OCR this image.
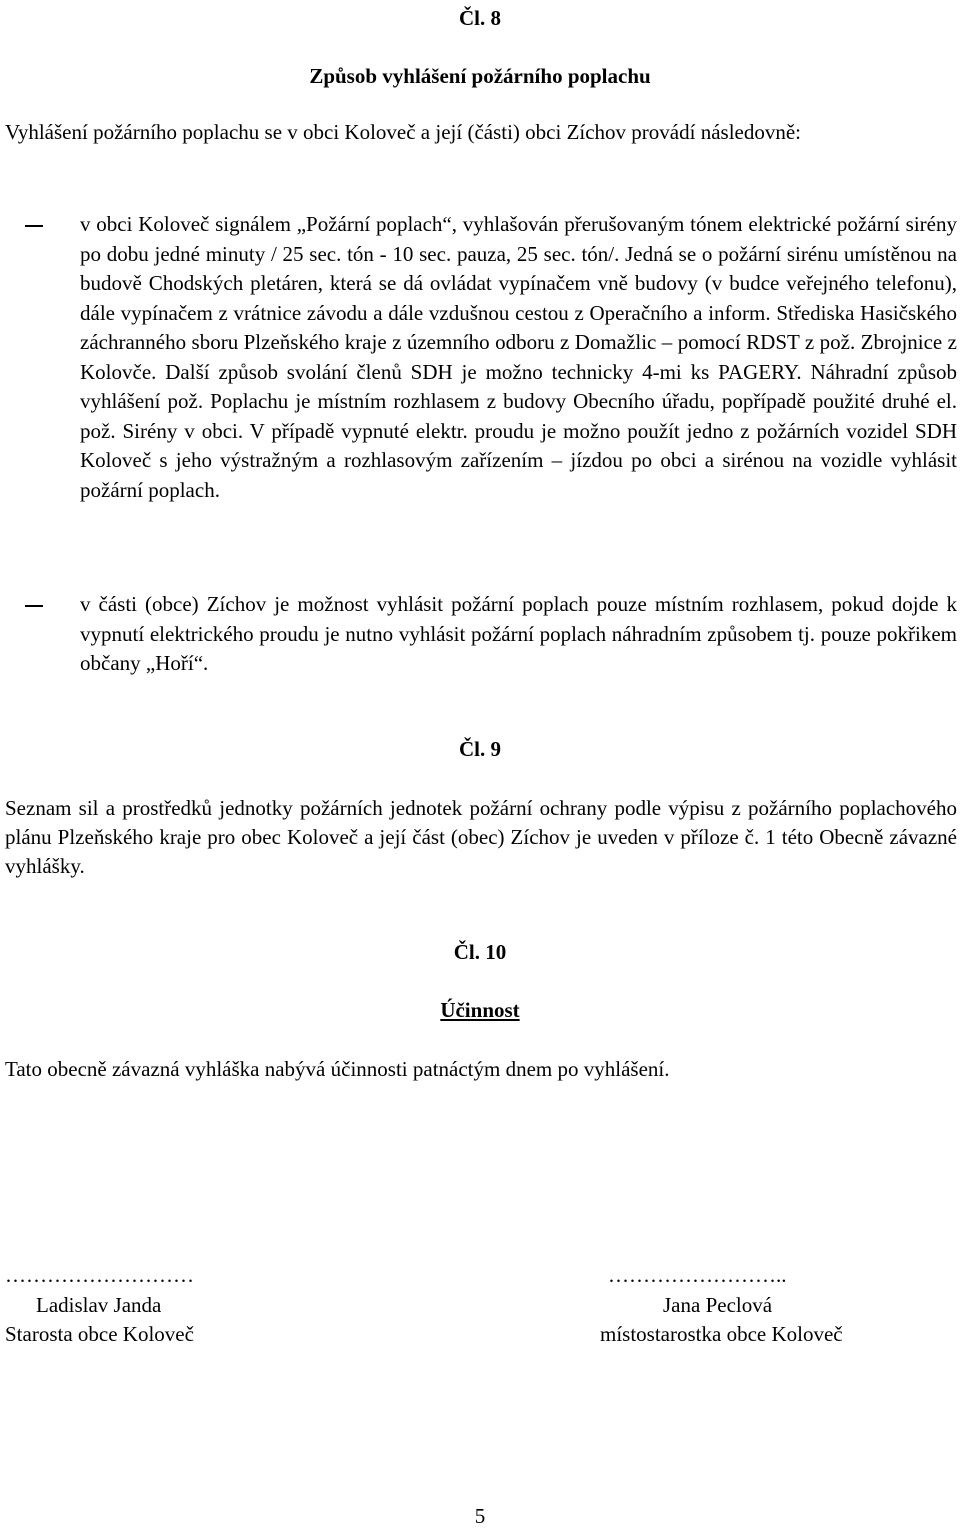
Čl. 8
Způsob vyhlášení požárního poplachu
Vyhlášení požárního poplachu se v obci Koloveč a její (části) obci Zíchov provádí následovně:
v obci Koloveč signálem „Požární poplach“, vyhlašován přerušovaným tónem elektrické požární sirény po dobu jedné minuty / 25 sec. tón - 10 sec. pauza, 25 sec. tón/. Jedná se o požární sirénu umístěnou na budově Chodských pletáren, která se dá ovládat vypínačem vně budovy (v budce veřejného telefonu), dále vypínačem z vrátnice závodu a dále vzdušnou cestou z Operačního a inform. Střediska Hasičského záchranného sboru Plzeňského kraje z územního odboru z Domažlic – pomocí RDST z pož. Zbrojnice z Kolovče. Další způsob svolání členů SDH je možno technicky 4-mi ks PAGERY. Náhradní způsob vyhlášení pož. Poplachu je místním rozhlasem z budovy Obecního úřadu, popřípadě použité druhé el. pož. Sirény v obci. V případě vypnuté elektr. proudu je možno použít jedno z požárních vozidel SDH Koloveč s jeho výstražným a rozhlasovým zařízením – jízdou po obci a sirénou na vozidle vyhlásit požární poplach.
v části (obce) Zíchov je možnost vyhlásit požární poplach pouze místním rozhlasem, pokud dojde k vypnutí elektrického proudu je nutno vyhlásit požární poplach náhradním způsobem tj. pouze pokřikem občany „Hoří“.
Čl. 9
Seznam sil a prostředků jednotky požárních jednotek požární ochrany podle výpisu z požárního poplachového plánu Plzeňského kraje pro obec Koloveč a její část (obec) Zíchov je uveden v příloze č. 1 této Obecně závazné vyhlášky.
Čl. 10
Účinnost
Tato obecně závazná vyhláška nabývá účinnosti patnáctým dnem po vyhlášení.
………………………
Ladislav Janda
Starosta obce Koloveč
……………………..
Jana Peclová
místostarostka obce Koloveč
5
